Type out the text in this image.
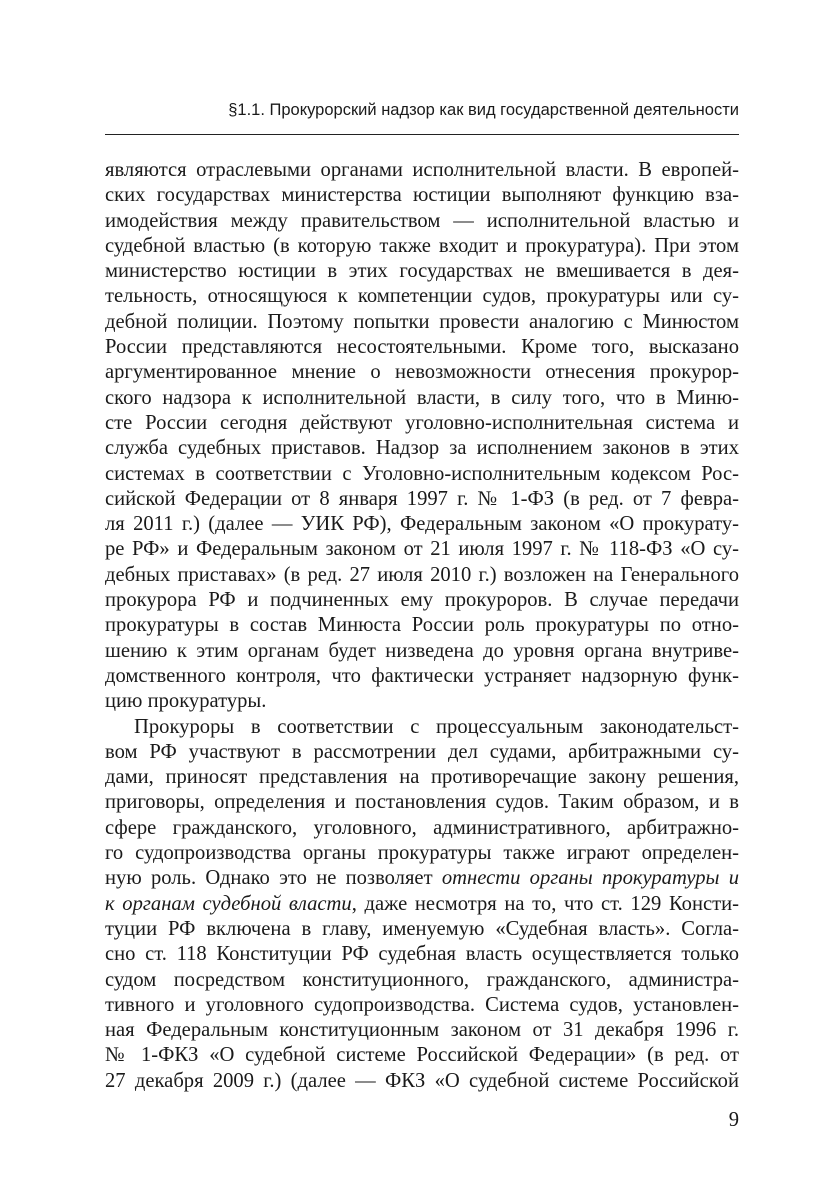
§1.1. Прокурорский надзор как вид государственной деятельности
являются отраслевыми органами исполнительной власти. В европей-
ских государствах министерства юстиции выполняют функцию вза-
имодействия между правительством — исполнительной властью и
судебной властью (в которую также входит и прокуратура). При этом
министерство юстиции в этих государствах не вмешивается в дея-
тельность, относящуюся к компетенции судов, прокуратуры или су-
дебной полиции. Поэтому попытки провести аналогию с Минюстом
России представляются несостоятельными. Кроме того, высказано
аргументированное мнение о невозможности отнесения прокурор-
ского надзора к исполнительной власти, в силу того, что в Миню-
сте России сегодня действуют уголовно-исполнительная система и
служба судебных приставов. Надзор за исполнением законов в этих
системах в соответствии с Уголовно-исполнительным кодексом Рос-
сийской Федерации от 8 января 1997 г. № 1-ФЗ (в ред. от 7 февра-
ля 2011 г.) (далее — УИК РФ), Федеральным законом «О прокурату-
ре РФ» и Федеральным законом от 21 июля 1997 г. № 118-ФЗ «О су-
дебных приставах» (в ред. 27 июля 2010 г.) возложен на Генерального
прокурора РФ и подчиненных ему прокуроров. В случае передачи
прокуратуры в состав Минюста России роль прокуратуры по отно-
шению к этим органам будет низведена до уровня органа внутриве-
домственного контроля, что фактически устраняет надзорную функ-
цию прокуратуры.
Прокуроры в соответствии с процессуальным законодательст-
вом РФ участвуют в рассмотрении дел судами, арбитражными су-
дами, приносят представления на противоречащие закону решения,
приговоры, определения и постановления судов. Таким образом, и в
сфере гражданского, уголовного, административного, арбитражно-
го судопроизводства органы прокуратуры также играют определен-
ную роль. Однако это не позволяет отнести органы прокуратуры и
к органам судебной власти, даже несмотря на то, что ст. 129 Консти-
туции РФ включена в главу, именуемую «Судебная власть». Согла-
сно ст. 118 Конституции РФ судебная власть осуществляется только
судом посредством конституционного, гражданского, администра-
тивного и уголовного судопроизводства. Система судов, установлен-
ная Федеральным конституционным законом от 31 декабря 1996 г.
№ 1-ФКЗ «О судебной системе Российской Федерации» (в ред. от
27 декабря 2009 г.) (далее — ФКЗ «О судебной системе Российской
9
